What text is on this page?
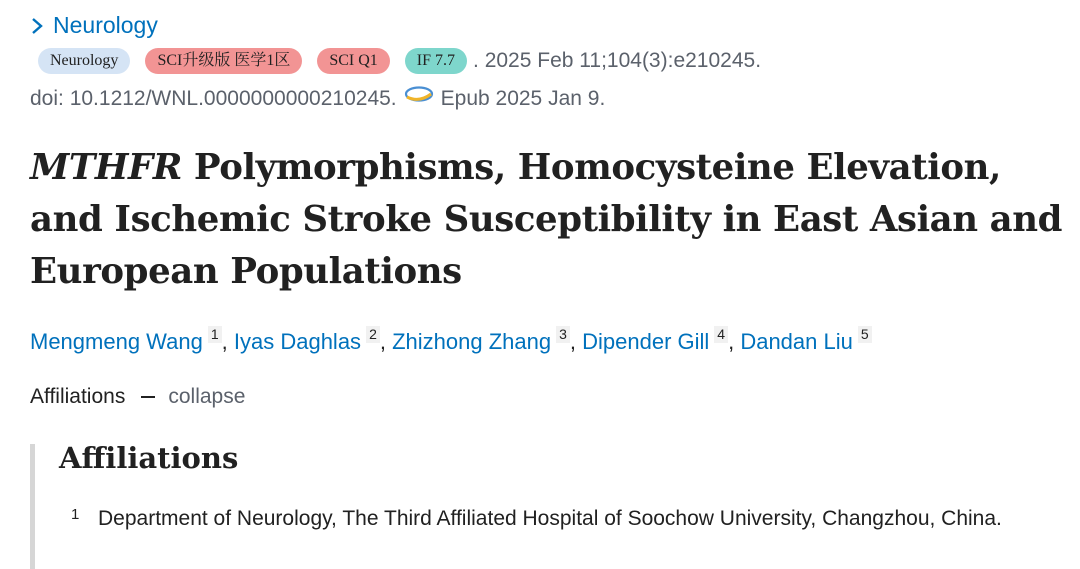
Neurology
Neurology	SCI升级版 医学1区	SCI Q1	IF 7.7 . 2025 Feb 11;104(3):e210245.
doi: 10.1212/WNL.0000000000210245. Epub 2025 Jan 9.
MTHFR Polymorphisms, Homocysteine Elevation, and Ischemic Stroke Susceptibility in East Asian and European Populations
Mengmeng Wang 1 , Iyas Daghlas 2 , Zhizhong Zhang 3 , Dipender Gill 4 , Dandan Liu 5
Affiliations collapse
Affiliations
1 Department of Neurology, The Third Affiliated Hospital of Soochow University, Changzhou, China.
